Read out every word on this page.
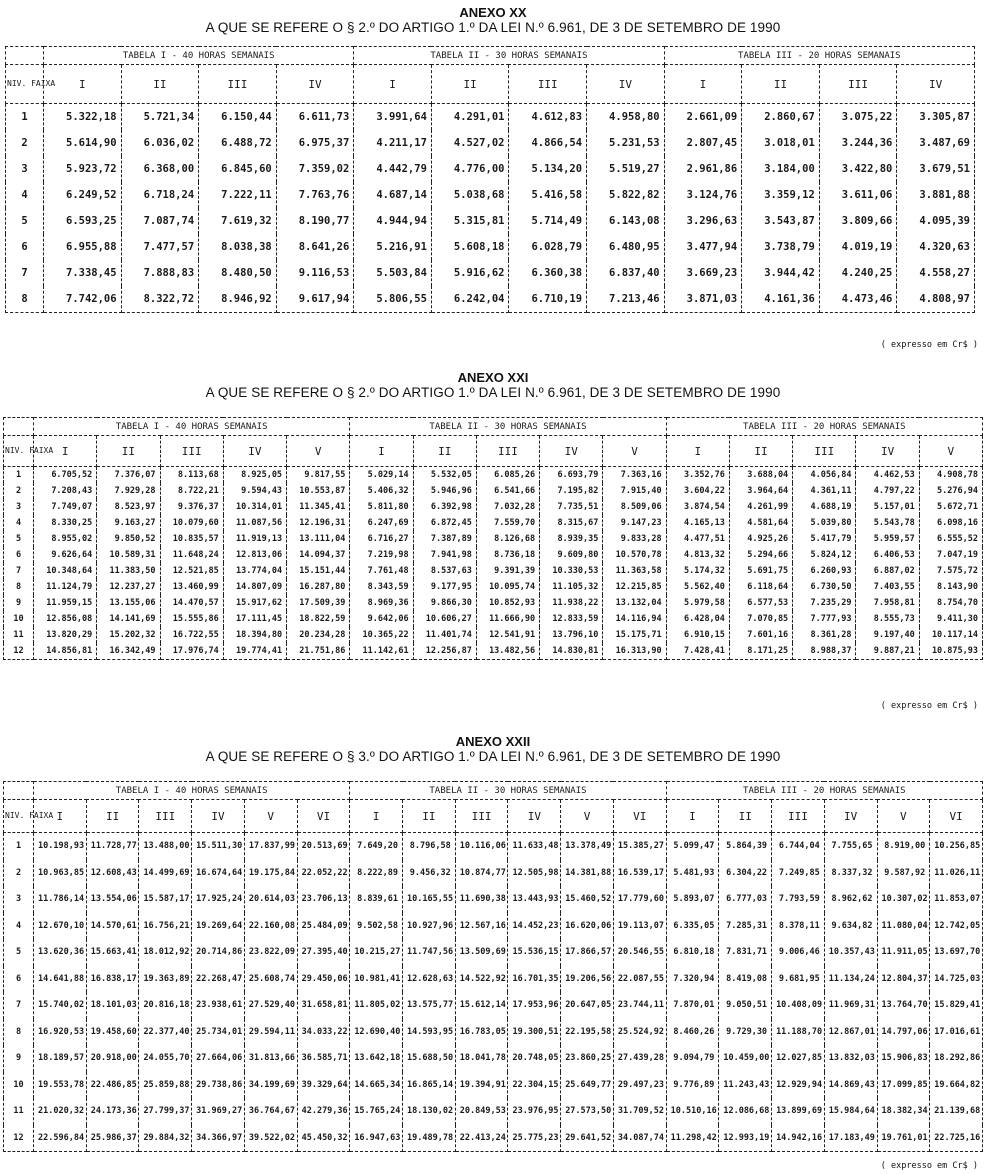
ANEXO XX
A QUE SE REFERE O § 2.º DO ARTIGO 1.º DA LEI N.º 6.961, DE 3 DE SETEMBRO DE 1990
	TABELA I - 40 HORAS SEMANAIS				TABELA II - 30 HORAS SEMANAIS				TABELA III - 20 HORAS SEMANAIS			
NIV. FAIXA	I	II	III	IV	I	II	III	IV	I	II	III	IV
1	5.322,18	5.721,34	6.150,44	6.611,73	3.991,64	4.291,01	4.612,83	4.958,80	2.661,09	2.860,67	3.075,22	3.305,87
2	5.614,90	6.036,02	6.488,72	6.975,37	4.211,17	4.527,02	4.866,54	5.231,53	2.807,45	3.018,01	3.244,36	3.487,69
3	5.923,72	6.368,00	6.845,60	7.359,02	4.442,79	4.776,00	5.134,20	5.519,27	2.961,86	3.184,00	3.422,80	3.679,51
4	6.249,52	6.718,24	7.222,11	7.763,76	4.687,14	5.038,68	5.416,58	5.822,82	3.124,76	3.359,12	3.611,06	3.881,88
5	6.593,25	7.087,74	7.619,32	8.190,77	4.944,94	5.315,81	5.714,49	6.143,08	3.296,63	3.543,87	3.809,66	4.095,39
6	6.955,88	7.477,57	8.038,38	8.641,26	5.216,91	5.608,18	6.028,79	6.480,95	3.477,94	3.738,79	4.019,19	4.320,63
7	7.338,45	7.888,83	8.480,50	9.116,53	5.503,84	5.916,62	6.360,38	6.837,40	3.669,23	3.944,42	4.240,25	4.558,27
8	7.742,06	8.322,72	8.946,92	9.617,94	5.806,55	6.242,04	6.710,19	7.213,46	3.871,03	4.161,36	4.473,46	4.808,97
( expresso em Cr$ )
ANEXO XXI
A QUE SE REFERE O § 2.º DO ARTIGO 1.º DA LEI N.º 6.961, DE 3 DE SETEMBRO DE 1990
	TABELA I - 40 HORAS SEMANAIS					TABELA II - 30 HORAS SEMANAIS					TABELA III - 20 HORAS SEMANAIS				
NIV. FAIXA	I	II	III	IV	V	I	II	III	IV	V	I	II	III	IV	V
1	6.705,52	7.376,07	8.113,68	8.925,05	9.817,55	5.029,14	5.532,05	6.085,26	6.693,79	7.363,16	3.352,76	3.688,04	4.056,84	4.462,53	4.908,78
2	7.208,43	7.929,28	8.722,21	9.594,43	10.553,87	5.406,32	5.946,96	6.541,66	7.195,82	7.915,40	3.604,22	3.964,64	4.361,11	4.797,22	5.276,94
3	7.749,07	8.523,97	9.376,37	10.314,01	11.345,41	5.811,80	6.392,98	7.032,28	7.735,51	8.509,06	3.874,54	4.261,99	4.688,19	5.157,01	5.672,71
4	8.330,25	9.163,27	10.079,60	11.087,56	12.196,31	6.247,69	6.872,45	7.559,70	8.315,67	9.147,23	4.165,13	4.581,64	5.039,80	5.543,78	6.098,16
5	8.955,02	9.850,52	10.835,57	11.919,13	13.111,04	6.716,27	7.387,89	8.126,68	8.939,35	9.833,28	4.477,51	4.925,26	5.417,79	5.959,57	6.555,52
6	9.626,64	10.589,31	11.648,24	12.813,06	14.094,37	7.219,98	7.941,98	8.736,18	9.609,80	10.570,78	4.813,32	5.294,66	5.824,12	6.406,53	7.047,19
7	10.348,64	11.383,50	12.521,85	13.774,04	15.151,44	7.761,48	8.537,63	9.391,39	10.330,53	11.363,58	5.174,32	5.691,75	6.260,93	6.887,02	7.575,72
8	11.124,79	12.237,27	13.460,99	14.807,09	16.287,80	8.343,59	9.177,95	10.095,74	11.105,32	12.215,85	5.562,40	6.118,64	6.730,50	7.403,55	8.143,90
9	11.959,15	13.155,06	14.470,57	15.917,62	17.509,39	8.969,36	9.866,30	10.852,93	11.938,22	13.132,04	5.979,58	6.577,53	7.235,29	7.958,81	8.754,70
10	12.856,08	14.141,69	15.555,86	17.111,45	18.822,59	9.642,06	10.606,27	11.666,90	12.833,59	14.116,94	6.428,04	7.070,85	7.777,93	8.555,73	9.411,30
11	13.820,29	15.202,32	16.722,55	18.394,80	20.234,28	10.365,22	11.401,74	12.541,91	13.796,10	15.175,71	6.910,15	7.601,16	8.361,28	9.197,40	10.117,14
12	14.856,81	16.342,49	17.976,74	19.774,41	21.751,86	11.142,61	12.256,87	13.482,56	14.830,81	16.313,90	7.428,41	8.171,25	8.988,37	9.887,21	10.875,93
( expresso em Cr$ )
ANEXO XXII
A QUE SE REFERE O § 3.º DO ARTIGO 1.º DA LEI N.º 6.961, DE 3 DE SETEMBRO DE 1990
	TABELA I - 40 HORAS SEMANAIS						TABELA II - 30 HORAS SEMANAIS						TABELA III - 20 HORAS SEMANAIS					
NIV. FAIXA	I	II	III	IV	V	VI	I	II	III	IV	V	VI	I	II	III	IV	V	VI
1	10.198,93	11.728,77	13.488,00	15.511,30	17.837,99	20.513,69	7.649,20	8.796,58	10.116,06	11.633,48	13.378,49	15.385,27	5.099,47	5.864,39	6.744,04	7.755,65	8.919,00	10.256,85
2	10.963,85	12.608,43	14.499,69	16.674,64	19.175,84	22.052,22	8.222,89	9.456,32	10.874,77	12.505,98	14.381,88	16.539,17	5.481,93	6.304,22	7.249,85	8.337,32	9.587,92	11.026,11
3	11.786,14	13.554,06	15.587,17	17.925,24	20.614,03	23.706,13	8.839,61	10.165,55	11.690,38	13.443,93	15.460,52	17.779,60	5.893,07	6.777,03	7.793,59	8.962,62	10.307,02	11.853,07
4	12.670,10	14.570,61	16.756,21	19.269,64	22.160,08	25.484,09	9.502,58	10.927,96	12.567,16	14.452,23	16.620,06	19.113,07	6.335,05	7.285,31	8.378,11	9.634,82	11.080,04	12.742,05
5	13.620,36	15.663,41	18.012,92	20.714,86	23.822,09	27.395,40	10.215,27	11.747,56	13.509,69	15.536,15	17.866,57	20.546,55	6.810,18	7.831,71	9.006,46	10.357,43	11.911,05	13.697,70
6	14.641,88	16.838,17	19.363,89	22.268,47	25.608,74	29.450,06	10.981,41	12.628,63	14.522,92	16.701,35	19.206,56	22.087,55	7.320,94	8.419,08	9.681,95	11.134,24	12.804,37	14.725,03
7	15.740,02	18.101,03	20.816,18	23.938,61	27.529,40	31.658,81	11.805,02	13.575,77	15.612,14	17.953,96	20.647,05	23.744,11	7.870,01	9.050,51	10.408,09	11.969,31	13.764,70	15.829,41
8	16.920,53	19.458,60	22.377,40	25.734,01	29.594,11	34.033,22	12.690,40	14.593,95	16.783,05	19.300,51	22.195,58	25.524,92	8.460,26	9.729,30	11.188,70	12.867,01	14.797,06	17.016,61
9	18.189,57	20.918,00	24.055,70	27.664,06	31.813,66	36.585,71	13.642,18	15.688,50	18.041,78	20.748,05	23.860,25	27.439,28	9.094,79	10.459,00	12.027,85	13.832,03	15.906,83	18.292,86
10	19.553,78	22.486,85	25.859,88	29.738,86	34.199,69	39.329,64	14.665,34	16.865,14	19.394,91	22.304,15	25.649,77	29.497,23	9.776,89	11.243,43	12.929,94	14.869,43	17.099,85	19.664,82
11	21.020,32	24.173,36	27.799,37	31.969,27	36.764,67	42.279,36	15.765,24	18.130,02	20.849,53	23.976,95	27.573,50	31.709,52	10.510,16	12.086,68	13.899,69	15.984,64	18.382,34	21.139,68
12	22.596,84	25.986,37	29.884,32	34.366,97	39.522,02	45.450,32	16.947,63	19.489,78	22.413,24	25.775,23	29.641,52	34.087,74	11.298,42	12.993,19	14.942,16	17.183,49	19.761,01	22.725,16
( expresso em Cr$ )
